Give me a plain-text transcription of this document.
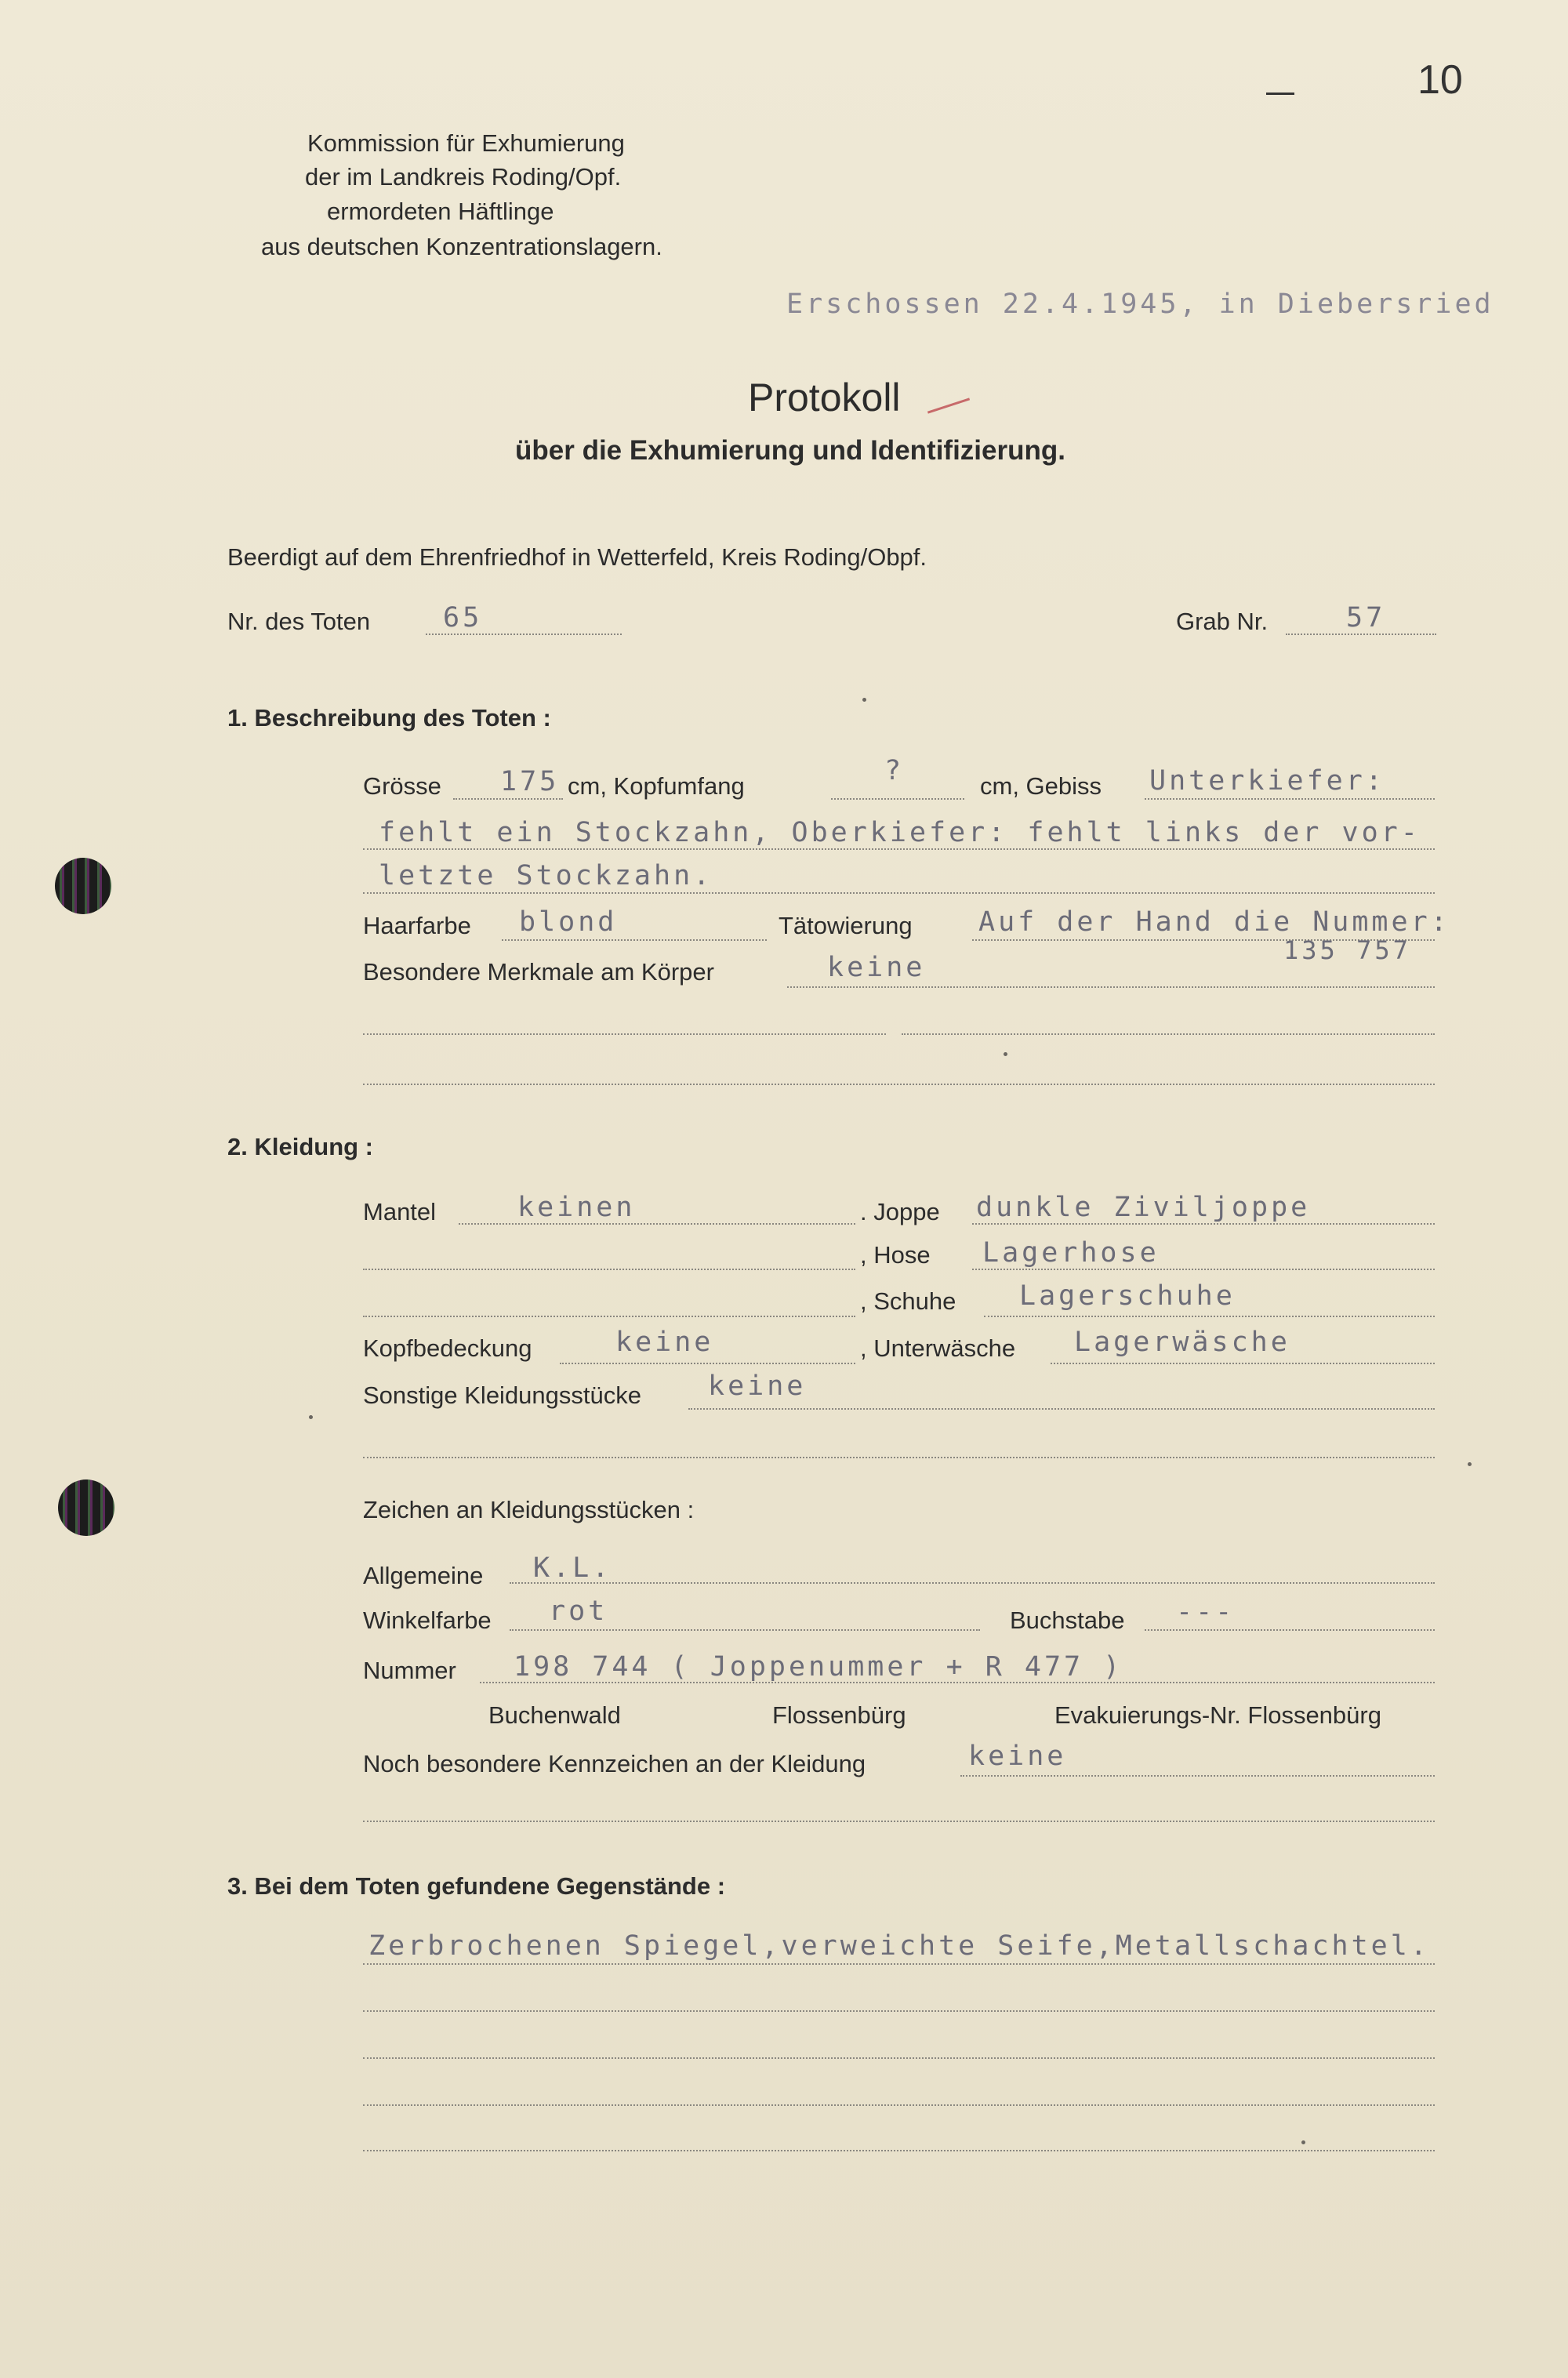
10
Kommission für Exhumierung
der im Landkreis Roding/Opf.
ermordeten Häftlinge
aus deutschen Konzentrationslagern.
Erschossen 22.4.1945, in Diebersried
Protokoll
über die Exhumierung und Identifizierung.
Beerdigt auf dem Ehrenfriedhof in Wetterfeld, Kreis Roding/Obpf.
Nr. des Toten	65	Grab Nr.	57
1. Beschreibung des Toten :
Grösse 175 cm, Kopfumfang	?	cm, Gebiss Unterkiefer:
fehlt ein Stockzahn, Oberkiefer: fehlt links der vor-
letzte Stockzahn.
Haarfarbe blond	Tätowierung Auf der Hand die Nummer:
135 757
Besondere Merkmale am Körper	keine
2. Kleidung :
Mantel	keinen	. Joppe dunkle Ziviljoppe
, Hose Lagerhose
, Schuhe Lagerschuhe
Kopfbedeckung	keine	, Unterwäsche Lagerwäsche
Sonstige Kleidungsstücke keine
Zeichen an Kleidungsstücken :
Allgemeine K.L.
Winkelfarbe rot	Buchstabe ---
Nummer 198 744 ( Joppenummer + R 477 )
Buchenwald	Flossenbürg	Evakuierungs-Nr. Flossenbürg
Noch besondere Kennzeichen an der Kleidung	keine
3. Bei dem Toten gefundene Gegenstände :
Zerbrochenen Spiegel,verweichte Seife,Metallschachtel.
